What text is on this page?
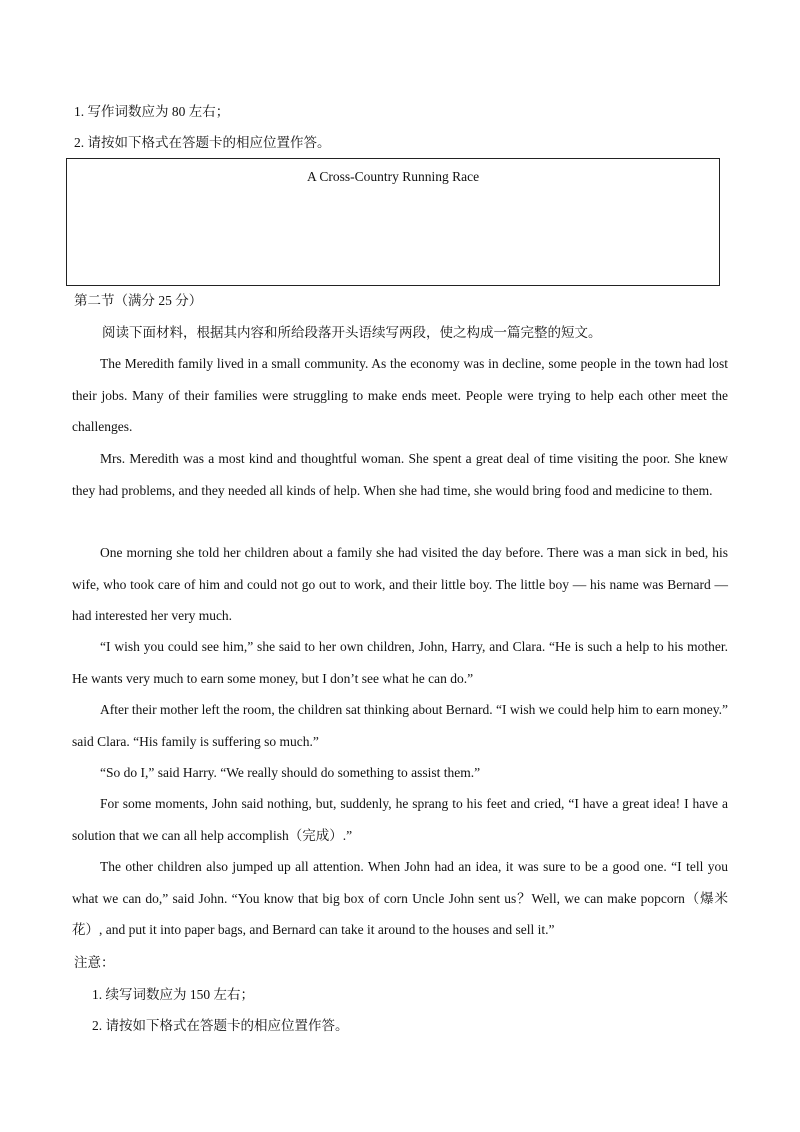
1. 写作词数应为 80 左右；
2. 请按如下格式在答题卡的相应位置作答。
A Cross-Country Running Race
第二节（满分 25 分）
阅读下面材料，根据其内容和所给段落开头语续写两段，使之构成一篇完整的短文。

The Meredith family lived in a small community. As the economy was in decline, some people in the town had lost their jobs. Many of their families were struggling to make ends meet. People were trying to help each other meet the challenges.

Mrs. Meredith was a most kind and thoughtful woman. She spent a great deal of time visiting the poor. She knew they had problems, and they needed all kinds of help. When she had time, she would bring food and medicine to them.

One morning she told her children about a family she had visited the day before. There was a man sick in bed, his wife, who took care of him and could not go out to work, and their little boy. The little boy — his name was Bernard — had interested her very much.

“I wish you could see him,” she said to her own children, John, Harry, and Clara. “He is such a help to his mother. He wants very much to earn some money, but I don’t see what he can do.”

After their mother left the room, the children sat thinking about Bernard. “I wish we could help him to earn money.” said Clara. “His family is suffering so much.”

“So do I,” said Harry. “We really should do something to assist them.”

For some moments, John said nothing, but, suddenly, he sprang to his feet and cried, “I have a great idea! I have a solution that we can all help accomplish（完成）.”

The other children also jumped up all attention. When John had an idea, it was sure to be a good one. “I tell you what we can do,” said John. “You know that big box of corn Uncle John sent us？Well, we can make popcorn（爆米花）, and put it into paper bags, and Bernard can take it around to the houses and sell it.”

注意：
1. 续写词数应为 150 左右；
2. 请按如下格式在答题卡的相应位置作答。
